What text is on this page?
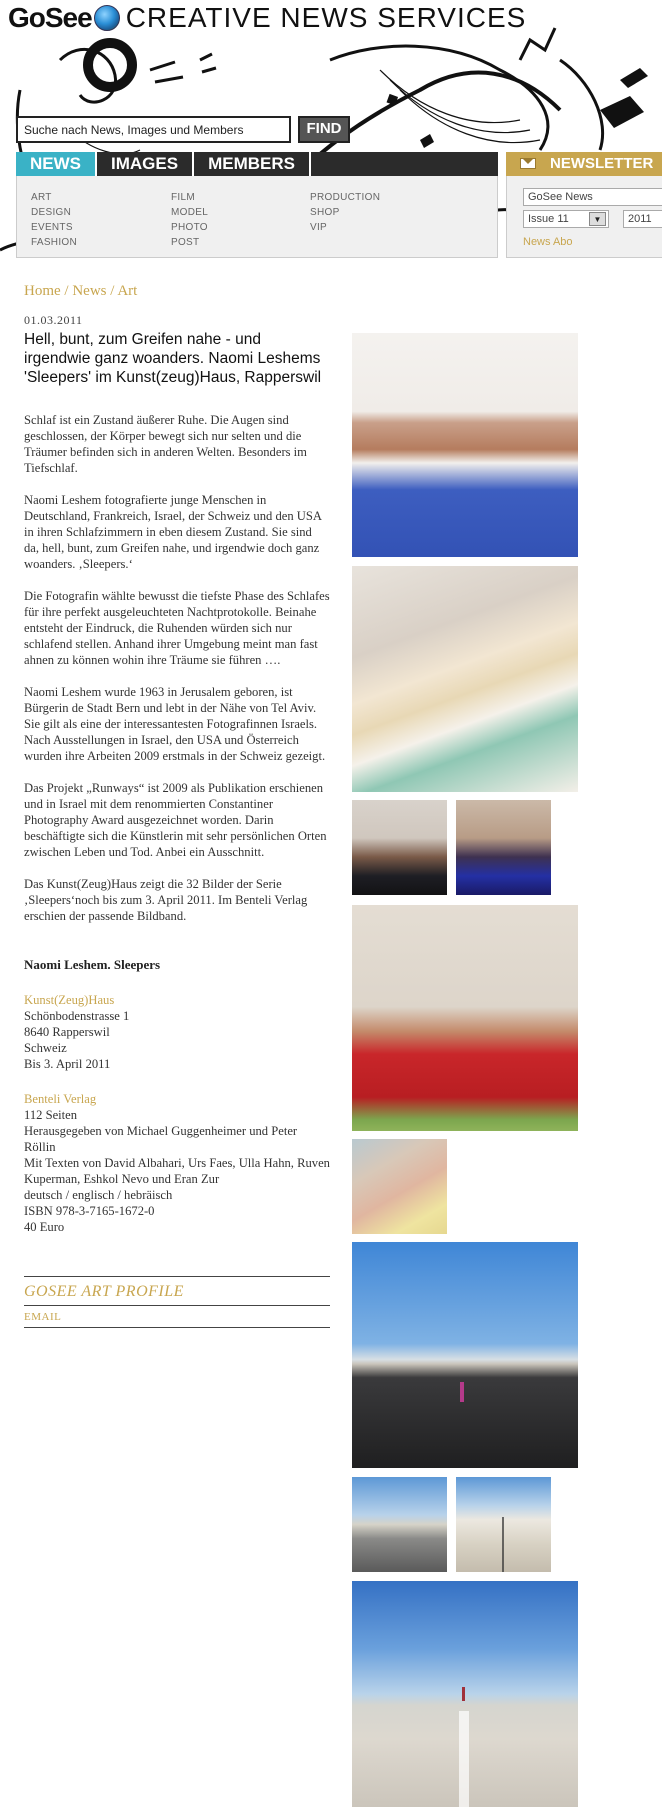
GoSee CREATIVE NEWS SERVICES
Suche nach News, Images und Members
FIND
NEWS	IMAGES	MEMBERS
ART
DESIGN
EVENTS
FASHION
FILM
MODEL
PHOTO
POST
PRODUCTION
SHOP
VIP
NEWSLETTER
GoSee News
Issue 11	▼	2011
News Abo
Home / News / Art
01.03.2011
Hell, bunt, zum Greifen nahe - und irgendwie ganz woanders. Naomi Leshems 'Sleepers' im Kunst(zeug)Haus, Rapperswil

Schlaf ist ein Zustand äußerer Ruhe. Die Augen sind geschlossen, der Körper bewegt sich nur selten und die Träumer befinden sich in anderen Welten. Besonders im Tiefschlaf.

Naomi Leshem fotografierte junge Menschen in Deutschland, Frankreich, Israel, der Schweiz und den USA in ihren Schlafzimmern in eben diesem Zustand. Sie sind da, hell, bunt, zum Greifen nahe, und irgendwie doch ganz woanders. ‚Sleepers.‘

Die Fotografin wählte bewusst die tiefste Phase des Schlafes für ihre perfekt ausgeleuchteten Nachtprotokolle. Beinahe entsteht der Eindruck, die Ruhenden würden sich nur schlafend stellen. Anhand ihrer Umgebung meint man fast ahnen zu können wohin ihre Träume sie führen ….

Naomi Leshem wurde 1963 in Jerusalem geboren, ist Bürgerin de Stadt Bern und lebt in der Nähe von Tel Aviv. Sie gilt als eine der interessantesten Fotografinnen Israels. Nach Ausstellungen in Israel, den USA und Österreich wurden ihre Arbeiten 2009 erstmals in der Schweiz gezeigt.

Das Projekt „Runways“ ist 2009 als Publikation erschienen und in Israel mit dem renommierten Constantiner Photography Award ausgezeichnet worden. Darin beschäftigte sich die Künstlerin mit sehr persönlichen Orten zwischen Leben und Tod. Anbei ein Ausschnitt.

Das Kunst(Zeug)Haus zeigt die 32 Bilder der Serie ‚Sleepers‘noch bis zum 3. April 2011. Im Benteli Verlag erschien der passende Bildband.

Naomi Leshem. Sleepers
Kunst(Zeug)Haus
Schönbodenstrasse 1
8640 Rapperswil
Schweiz
Bis 3. April 2011
Benteli Verlag
112 Seiten
Herausgegeben von Michael Guggenheimer und Peter Röllin
Mit Texten von David Albahari, Urs Faes, Ulla Hahn, Ruven Kuperman, Eshkol Nevo und Eran Zur
deutsch / englisch / hebräisch
ISBN 978-3-7165-1672-0
40 Euro
GOSEE ART PROFILE
EMAIL
